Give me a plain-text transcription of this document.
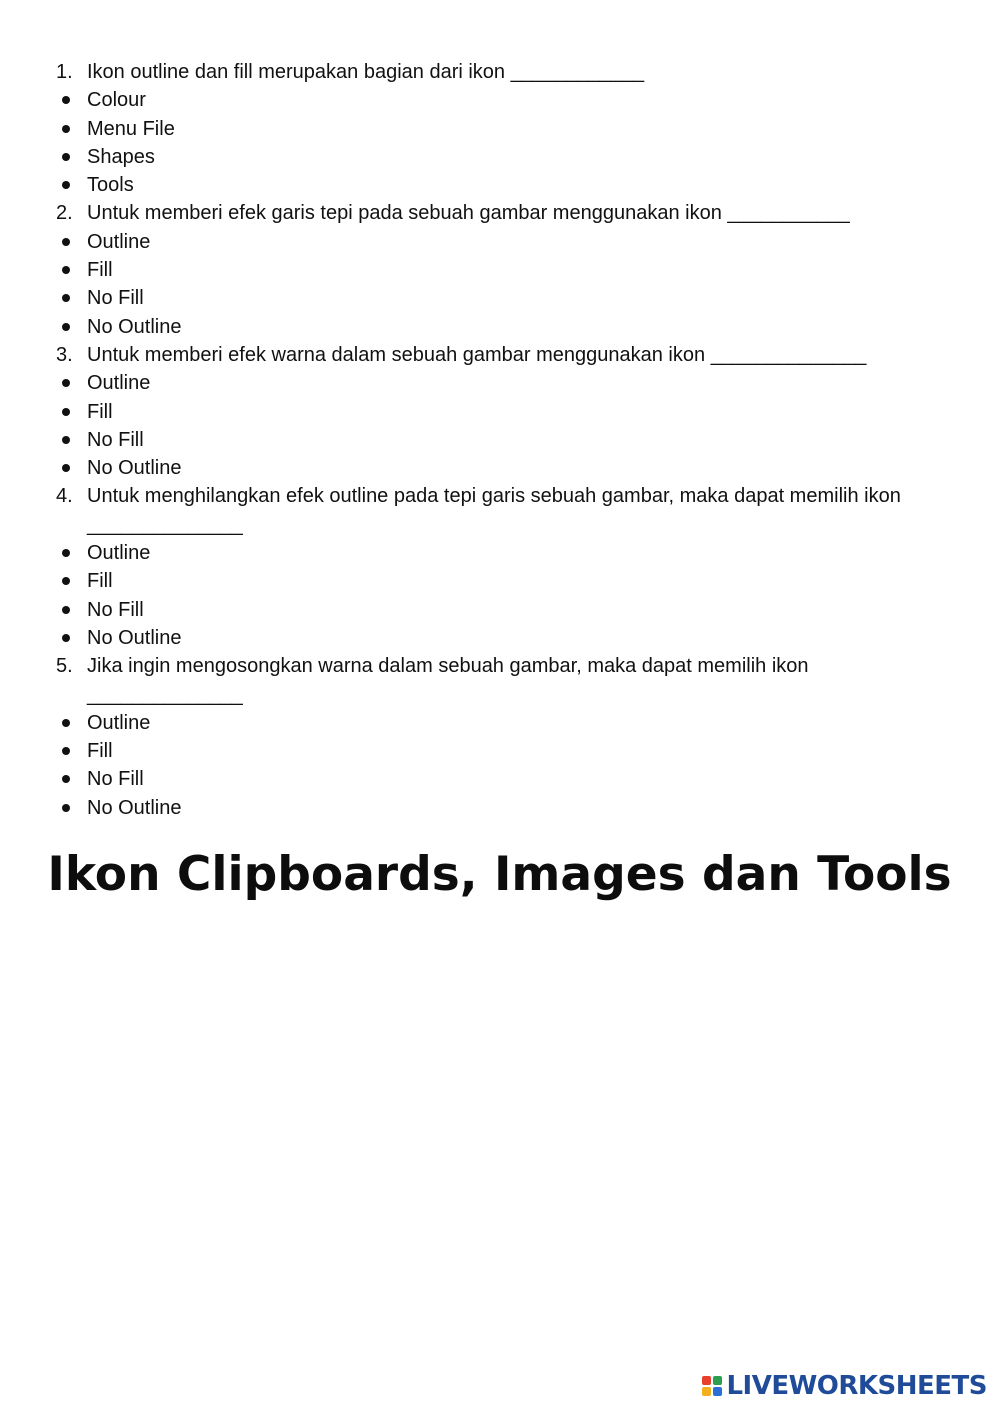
1. Ikon outline dan fill merupakan bagian dari ikon ____________
Colour
Menu File
Shapes
Tools
2. Untuk memberi efek garis tepi pada sebuah gambar menggunakan ikon ___________
Outline
Fill
No Fill
No Outline
3. Untuk memberi efek warna dalam sebuah gambar menggunakan ikon ______________
Outline
Fill
No Fill
No Outline
4. Untuk menghilangkan efek outline pada tepi garis sebuah gambar, maka dapat memilih ikon ______________
Outline
Fill
No Fill
No Outline
5. Jika ingin mengosongkan warna dalam sebuah gambar, maka dapat memilih ikon ______________
Outline
Fill
No Fill
No Outline
Ikon Clipboards, Images dan Tools
LIVEWORKSHEETS
